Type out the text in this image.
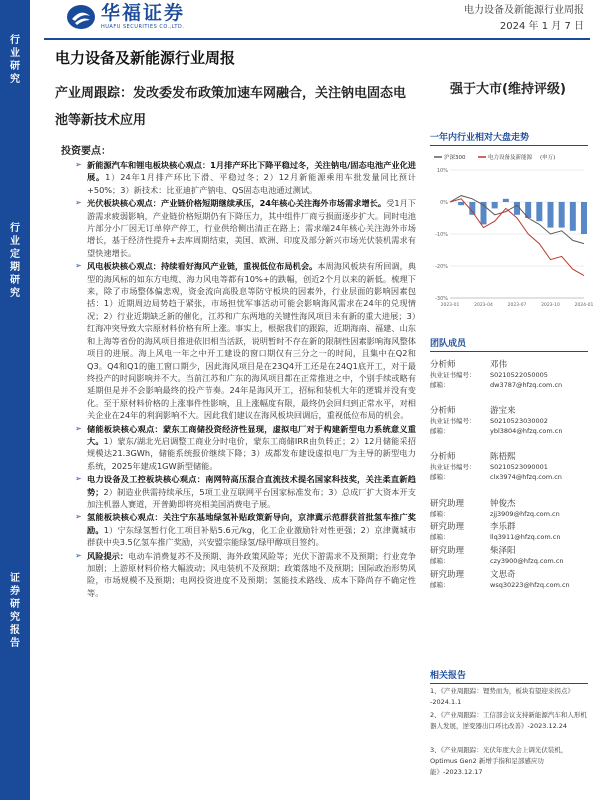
行
业
研
究
行
业
定
期
研
究
证
券
研
究
报
告
华福证券
HUAFU SECURITIES CO.,LTD.
电力设备及新能源行业周报
2024 年 1 月 7 日
电力设备及新能源行业周报
产业周跟踪：发改委发布政策加速车网融合，关注钠电固态电池等新技术应用
强于大市(维持评级)
投资要点：
➢ 新能源汽车和锂电板块核心观点：1月排产环比下降平稳过冬，关注钠电/固态电池产业化进展。1）24年1月排产环比下滑、平稳过冬；2）12月新能源乘用车批发量同比预计+50%；3）新技术：比亚迪扩产钠电、QS固态电池通过测试。
➢ 光伏板块核心观点：产业链价格短期继续承压，24年核心关注海外市场需求增长。受1月下游需求疲弱影响，产业链价格短期仍有下降压力，其中组件厂商亏损面逐步扩大。同时电池片部分小厂因无订单停产停工，行业供给侧出清正在路上；需求端24年核心关注海外市场增长，基于经济性提升+去库周期结束，美国、欧洲、印度及部分新兴市场光伏装机需求有望快速增长。
➢ 风电板块核心观点：持续看好海风产业链，重视低位布局机会。本周海风板块有所回调，典型的海风标的如东方电缆、海力风电等都有10%+的跌幅，创近2个月以来的新低。梳理下来，除了市场整体偏悲观，资金流向高股息等防守板块的因素外，行业层面的影响因素包括：1）近期周边局势趋于紧张，市场担忧军事活动可能会影响海风需求在24年的兑现情况；2）行业近期缺乏新的催化，江苏和广东两地的关键性海风项目未有新的重大进展；3）红海冲突导致大宗原材料价格有所上涨。事实上，根据我们的跟踪，近期海南、福建、山东和上海等省份的海风项目推进依旧相当活跃，说明暂时不存在新的限制性因素影响海风整体项目的进展。海上风电一年之中开工建设的窗口期仅有三分之一的时间，且集中在Q2和Q3。Q4和Q1的施工窗口期少，因此海风项目是在23Q4开工还是在24Q1底开工，对于最终投产的时间影响并不大。当前江苏和广东的海风项目都在正常推进之中，个别手续或略有延期但是并不会影响最终的投产节奏。24年是海风开工，招标和装机大年的逻辑并没有变化。至于原材料价格的上涨事件性影响，且上涨幅度有限，最终仍会回归到正常水平，对相关企业在24年的利润影响不大。因此我们建议在海风板块回调后，重视低位布局的机会。
➢ 储能板块核心观点：蒙东工商储投资经济性显现，虚拟电厂对于构建新型电力系统意义重大。1）蒙东/湖北光启调整工商业分时电价，蒙东工商储IRR由负转正；2）12月储能采招规模达21.3GWh，储能系统报价继续下降；3）成都发布建设虚拟电厂为主导的新型电力系统，2025年建成1GW新型储能。
➢ 电力设备及工控板块核心观点：南网特高压混合直流技术提名国家科技奖，关注柔直新趋势；2）制造业供需持续承压，5项工业互联网平台国家标准发布；3）总成厂扩大资本开支加注机器人赛道，开普勤即将亮相美国消费电子展。
➢ 氢能板块核心观点：关注宁东基地绿氢补贴政策新导向，京津冀示范群获首批氢车推广奖励。1）宁东绿氢暂行化工项目补贴5.6元/kg，化工企业激励针对性更强；2）京津冀城市群获中央3.5亿氢车推广奖励，兴安盟宗能绿氢/绿甲醇项目签约。
➢ 风险提示：电动车消费复苏不及预期、海外政策风险等；光伏下游需求不及预期；行业竞争加剧；上游原材料价格大幅波动；风电装机不及预期；政策落地不及预期；国际政治形势风险，市场规模不及预期；电网投资进度不及预期；氢能技术路线、成本下降尚存不确定性等。
一年内行业相对大盘走势
沪深300	电力设备及新能源 (申万)
-30%
-20%
-10%
0%
10%
2023-01	2023-04	2023-07	2023-10	2024-01
团队成员
分析师	邓伟
执业证书编号：	S0210522050005
邮箱：	dw3787@hfzq.com.cn
分析师	游宝来
执业证书编号：	S0210523030002
邮箱：	ybl3804@hfzq.com.cn
分析师	陈梧熙
执业证书编号：	S0210523090001
邮箱：	clx3974@hfzq.com.cn
研究助理	钟俊杰
邮箱：	zjj3909@hfzq.com.cn
研究助理	李乐群
邮箱：	llq3911@hfzq.com.cn
研究助理	柴泽阳
邮箱：	czy3900@hfzq.com.cn
研究助理	文思奇
邮箱：	wsq30223@hfzq.com.cn
相关报告
1、《产业周跟踪：锂势而为，板块有望迎来拐点》 -2024.1.1
2、《产业周跟踪：工信部会议支持新能源汽车和人形机器人发展，逆变器出口环比改善》-2023.12.24
3、《产业周跟踪：光伏年度大会上调光伏装机，Optimus Gen2 新增手指和足部感应功能》-2023.12.17
